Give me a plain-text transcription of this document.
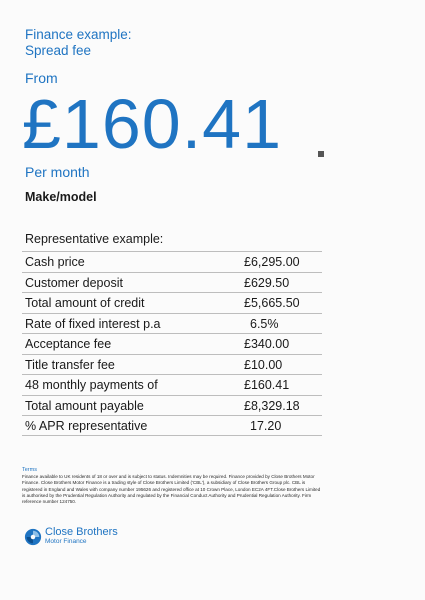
Finance example:
Spread fee
From
£160.41
Per month
Make/model
Representative example:
Cash price	£6,295.00
Customer deposit	£629.50
Total amount of credit	£5,665.50
Rate of fixed interest p.a	6.5%
Acceptance fee	£340.00
Title transfer fee	£10.00
48 monthly payments of	£160.41
Total amount payable	£8,329.18
% APR representative	17.20
Terms
Finance available to UK residents of 18 or over and is subject to status. Indemnities may be required. Finance provided by Close Brothers Motor Finance. Close Brothers Motor Finance is a trading style of Close Brothers Limited ('CBL'), a subsidiary of Close Brothers Group plc. CBL is registered in England and Wales with company number 195626 and registered office at 10 Crown Place, London EC2A 4FT.Close Brothers Limited is authorised by the Prudential Regulation Authority and regulated by the Financial Conduct Authority and Prudential Regulation Authority. Firm reference number 124750.
Close Brothers
Motor Finance
